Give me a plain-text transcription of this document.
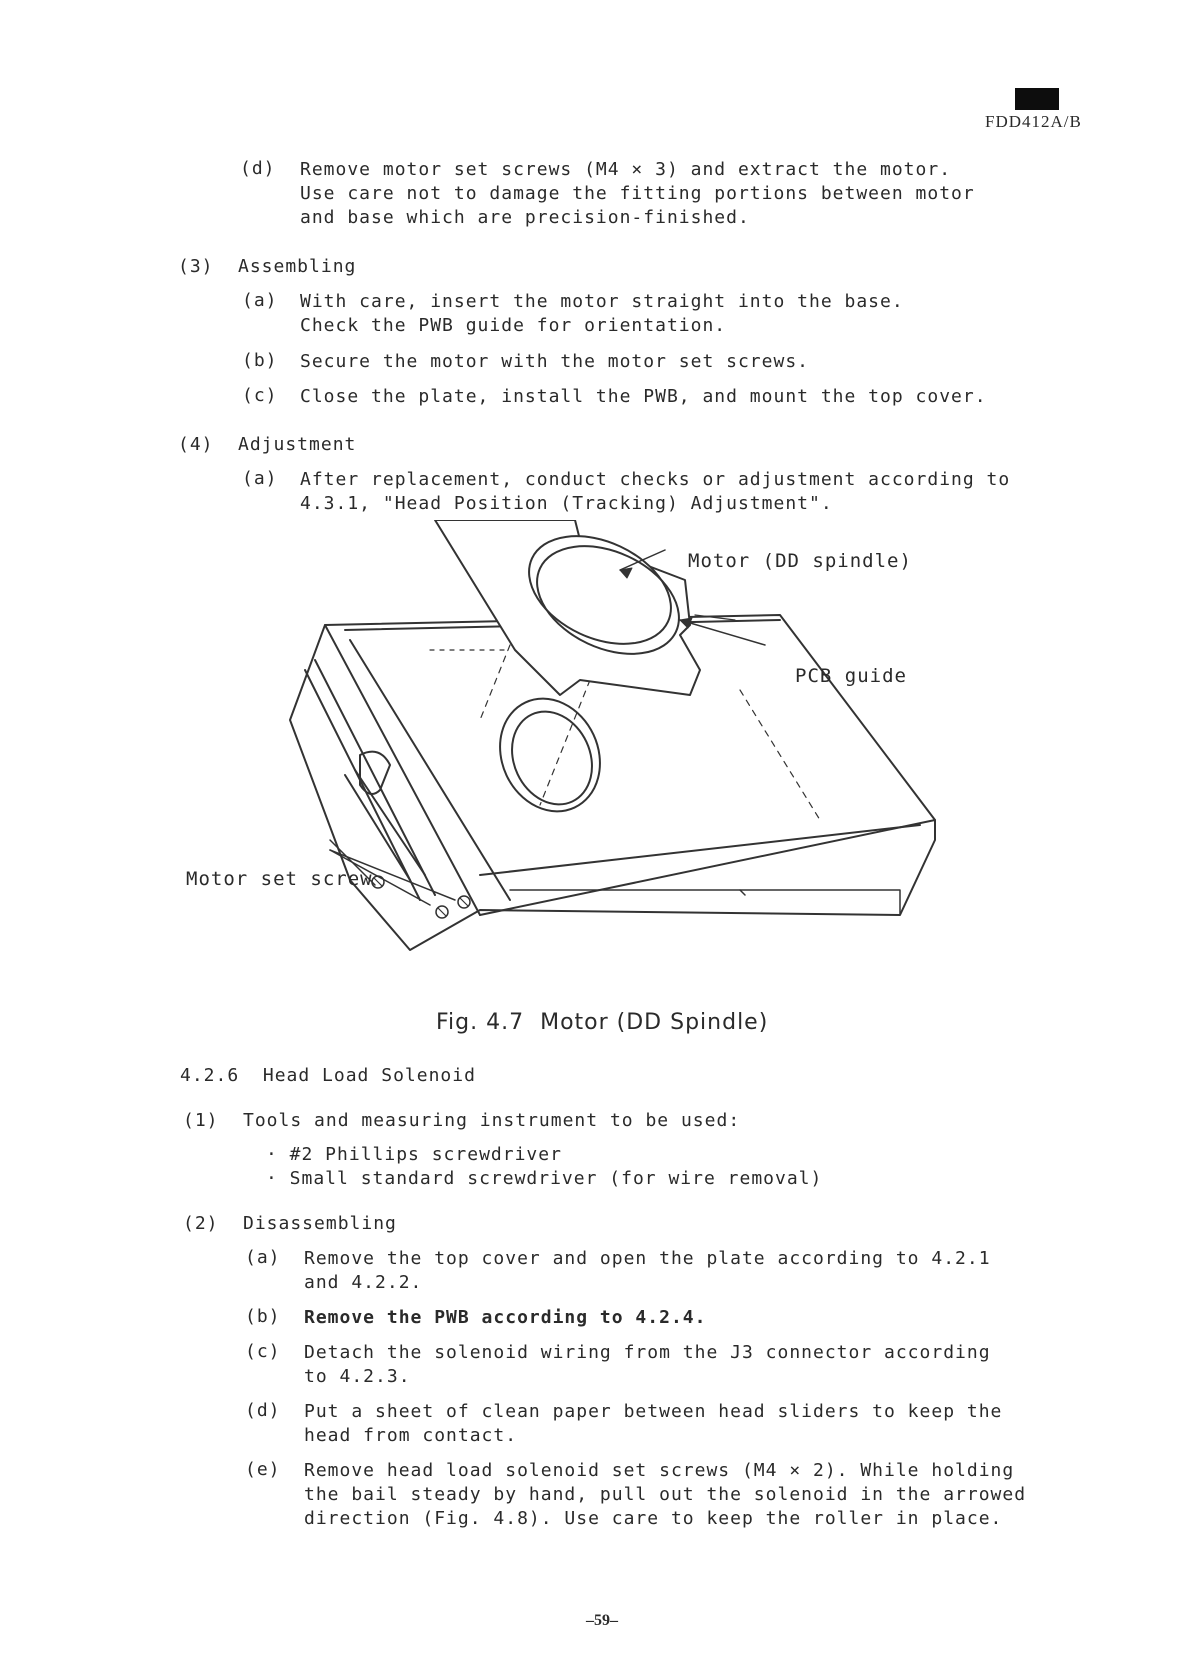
FDD412A/B
(d) Remove motor set screws (M4 × 3) and extract the motor.
Use care not to damage the fitting portions between motor
and base which are precision-finished.
(3) Assembling
(a) With care, insert the motor straight into the base.
Check the PWB guide for orientation.
(b) Secure the motor with the motor set screws.
(c) Close the plate, install the PWB, and mount the top cover.
(4) Adjustment
(a) After replacement, conduct checks or adjustment according to
4.3.1, "Head Position (Tracking) Adjustment".
Motor (DD spindle)
PCB guide
Motor set screw
Fig. 4.7  Motor (DD Spindle)
4.2.6  Head Load Solenoid
(1) Tools and measuring instrument to be used:
· #2 Phillips screwdriver
· Small standard screwdriver (for wire removal)
(2) Disassembling
(a) Remove the top cover and open the plate according to 4.2.1
and 4.2.2.
(b) Remove the PWB according to 4.2.4.
(c) Detach the solenoid wiring from the J3 connector according
to 4.2.3.
(d) Put a sheet of clean paper between head sliders to keep the
head from contact.
(e) Remove head load solenoid set screws (M4 × 2). While holding
the bail steady by hand, pull out the solenoid in the arrowed
direction (Fig. 4.8). Use care to keep the roller in place.
–59–
